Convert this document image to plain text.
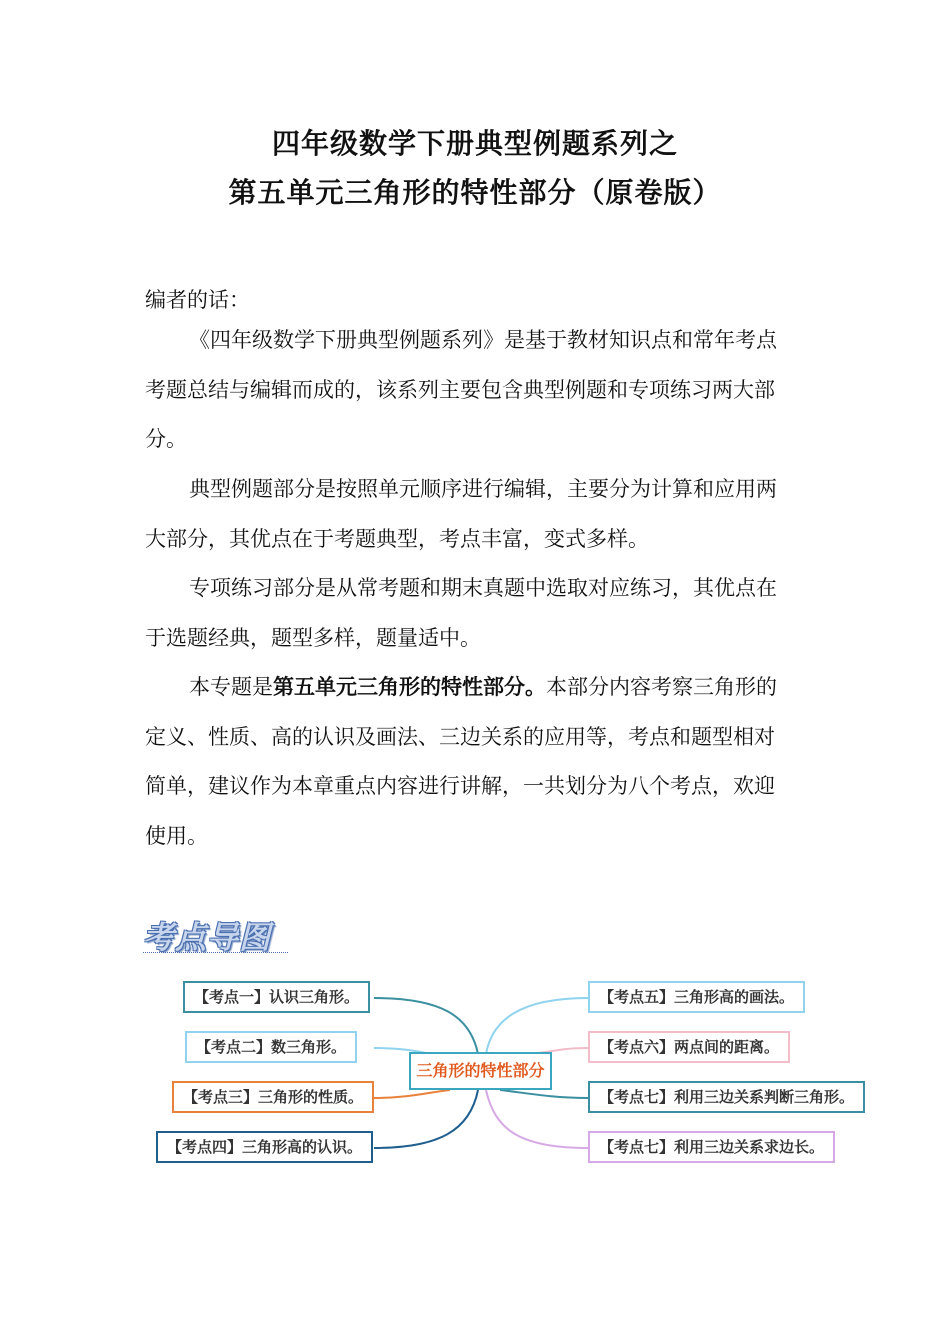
四年级数学下册典型例题系列之
第五单元三角形的特性部分（原卷版）
编者的话：
《四年级数学下册典型例题系列》是基于教材知识点和常年考点考题总结与编辑而成的，该系列主要包含典型例题和专项练习两大部分。
典型例题部分是按照单元顺序进行编辑，主要分为计算和应用两大部分，其优点在于考题典型，考点丰富，变式多样。
专项练习部分是从常考题和期末真题中选取对应练习，其优点在于选题经典，题型多样，题量适中。
本专题是第五单元三角形的特性部分。本部分内容考察三角形的定义、性质、高的认识及画法、三边关系的应用等，考点和题型相对简单，建议作为本章重点内容进行讲解，一共划分为八个考点，欢迎使用。
考点导图
【考点一】认识三角形。
【考点二】数三角形。
【考点三】三角形的性质。
【考点四】三角形高的认识。
三角形的特性部分
【考点五】三角形高的画法。
【考点六】两点间的距离。
【考点七】利用三边关系判断三角形。
【考点七】利用三边关系求边长。
